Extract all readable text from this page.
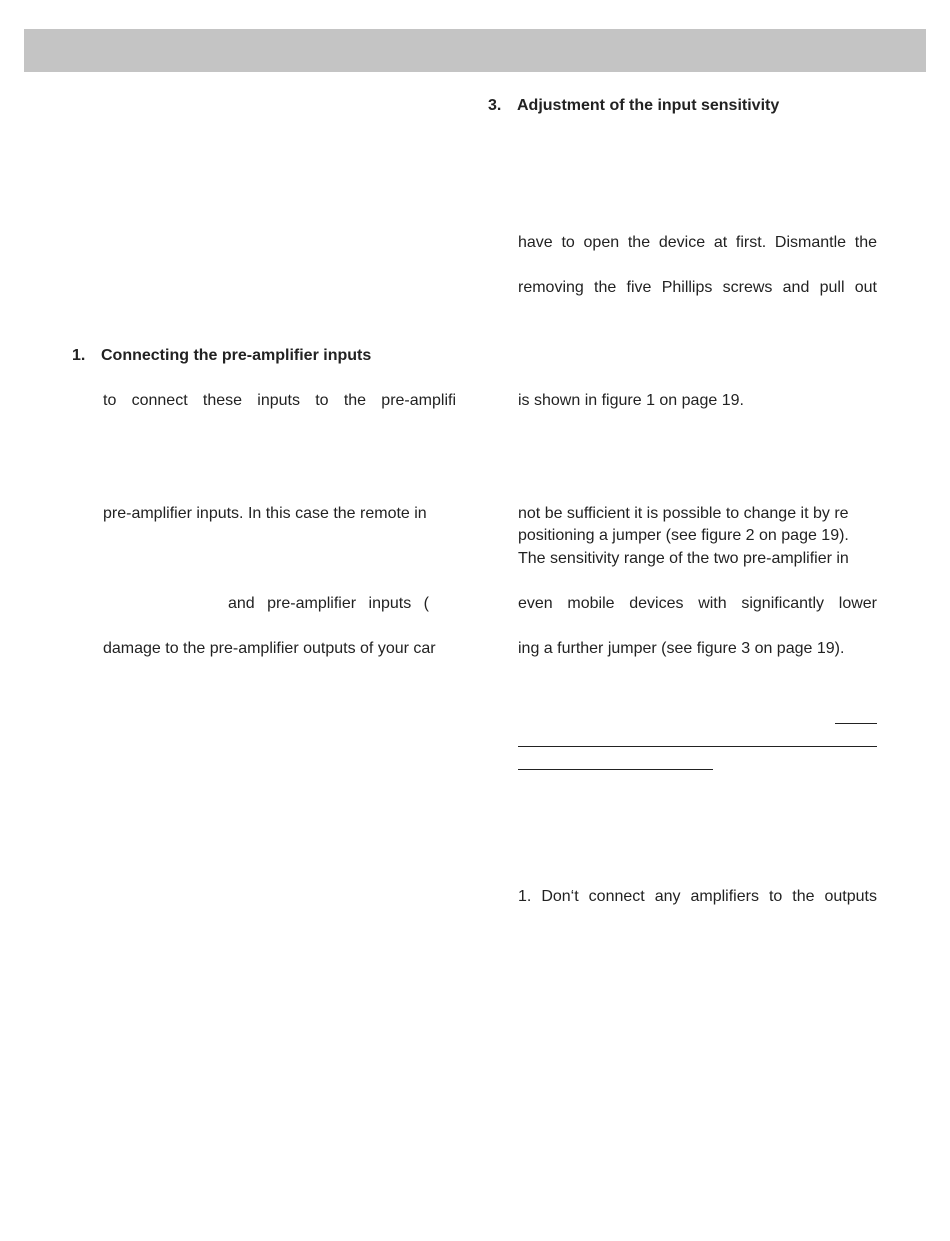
3. Adjustment of the input sensitivity
have to open the device at first. Dismantle the
removing the five Phillips screws and pull out
is shown in figure 1 on page 19.
not be sufficient it is possible to change it by re
positioning a jumper (see figure 2 on page 19).
The sensitivity range of the two pre-amplifier in
even mobile devices with significantly lower
ing a further jumper (see figure 3 on page 19).
1. Don‘t connect any amplifiers to the outputs
1. Connecting the pre-amplifier inputs
to connect these inputs to the pre-amplifi
pre-amplifier inputs. In this case the remote in
and pre-amplifier inputs (
damage to the pre-amplifier outputs of your car
